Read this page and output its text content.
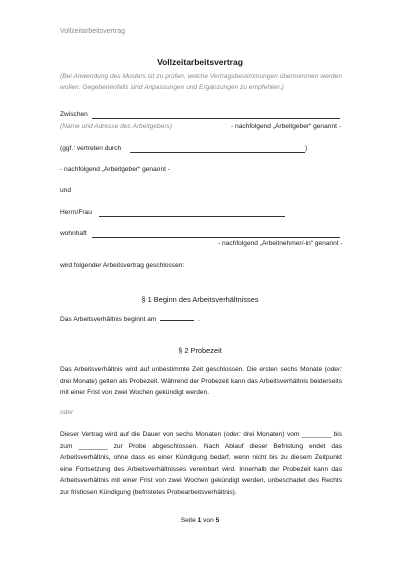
Vollzeitarbeitsvertrag
Vollzeitarbeitsvertrag
(Bei Anwendung des Musters ist zu prüfen, welche Vertragsbestimmungen übernommen werden wollen. Gegebenenfalls sind Anpassungen und Ergänzungen zu empfehlen.)
Zwischen
(Name und Adresse des Arbeitgebers)	- nachfolgend „Arbeitgeber“ genannt -
(ggf.: vertreten durch	)
- nachfolgend „Arbeitgeber“ genannt -
und
Herrn/Frau
wohnhaft
- nachfolgend „Arbeitnehmer/-in“ genannt -
wird folgender Arbeitsvertrag geschlossen:
§ 1 Beginn des Arbeitsverhältnisses
Das Arbeitsverhältnis beginnt am	.
§ 2 Probezeit
Das Arbeitsverhältnis wird auf unbestimmte Zeit geschlossen. Die ersten sechs Monate (oder: drei Monate) gelten als Probezeit. Während der Probezeit kann das Arbeitsverhältnis beiderseits mit einer Frist von zwei Wochen gekündigt werden.
oder
Dieser Vertrag wird auf die Dauer von sechs Monaten (oder: drei Monaten) vom ________ bis zum ________ zur Probe abgeschlossen. Nach Ablauf dieser Befristung endet das Arbeitsverhältnis, ohne dass es einer Kündigung bedarf, wenn nicht bis zu diesem Zeitpunkt eine Fortsetzung des Arbeitsverhältnisses vereinbart wird. Innerhalb der Probezeit kann das Arbeitsverhältnis mit einer Frist von zwei Wochen gekündigt werden, unbeschadet des Rechts zur fristlosen Kündigung (befristetes Probearbeitsverhältnis).
Seite 1 von 5
